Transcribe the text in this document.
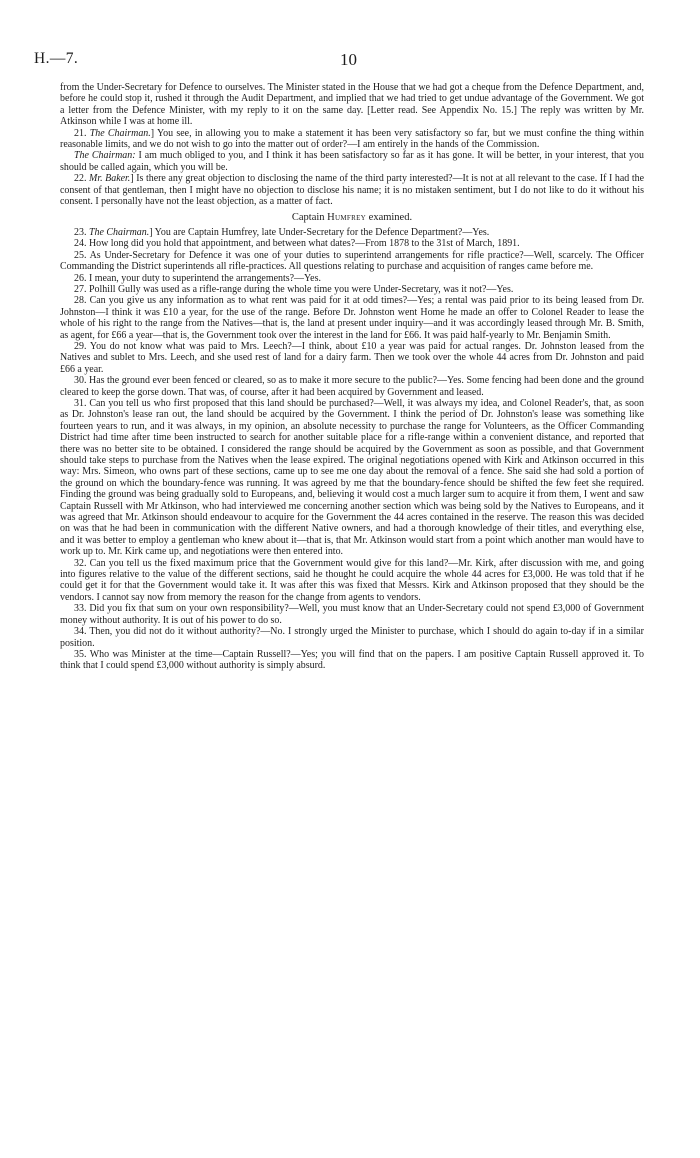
H.—7.	10

from the Under-Secretary for Defence to ourselves. The Minister stated in the House that we had got a cheque from the Defence Department, and, before he could stop it, rushed it through the Audit Department, and implied that we had tried to get undue advantage of the Government. We got a letter from the Defence Minister, with my reply to it on the same day. [Letter read. See Appendix No. 15.] The reply was written by Mr. Atkinson while I was at home ill.

21. The Chairman.] You see, in allowing you to make a statement it has been very satisfactory so far, but we must confine the thing within reasonable limits, and we do not wish to go into the matter out of order?—I am entirely in the hands of the Commission.

The Chairman: I am much obliged to you, and I think it has been satisfactory so far as it has gone. It will be better, in your interest, that you should be called again, which you will be.

22. Mr. Baker.] Is there any great objection to disclosing the name of the third party interested?—It is not at all relevant to the case. If I had the consent of that gentleman, then I might have no objection to disclose his name; it is no mistaken sentiment, but I do not like to do it without his consent. I personally have not the least objection, as a matter of fact.

Captain Humfrey examined.

23. The Chairman.] You are Captain Humfrey, late Under-Secretary for the Defence Department?—Yes.

24. How long did you hold that appointment, and between what dates?—From 1878 to the 31st of March, 1891.

25. As Under-Secretary for Defence it was one of your duties to superintend arrangements for rifle practice?—Well, scarcely. The Officer Commanding the District superintends all rifle-practices. All questions relating to purchase and acquisition of ranges came before me.

26. I mean, your duty to superintend the arrangements?—Yes.

27. Polhill Gully was used as a rifle-range during the whole time you were Under-Secretary, was it not?—Yes.

28. Can you give us any information as to what rent was paid for it at odd times?—Yes; a rental was paid prior to its being leased from Dr. Johnston—I think it was £10 a year, for the use of the range. Before Dr. Johnston went Home he made an offer to Colonel Reader to lease the whole of his right to the range from the Natives—that is, the land at present under inquiry—and it was accordingly leased through Mr. B. Smith, as agent, for £66 a year—that is, the Government took over the interest in the land for £66. It was paid half-yearly to Mr. Benjamin Smith.

29. You do not know what was paid to Mrs. Leech?—I think, about £10 a year was paid for actual ranges. Dr. Johnston leased from the Natives and sublet to Mrs. Leech, and she used rest of land for a dairy farm. Then we took over the whole 44 acres from Dr. Johnston and paid £66 a year.

30. Has the ground ever been fenced or cleared, so as to make it more secure to the public?—Yes. Some fencing had been done and the ground cleared to keep the gorse down. That was, of course, after it had been acquired by Government and leased.

31. Can you tell us who first proposed that this land should be purchased?—Well, it was always my idea, and Colonel Reader's, that, as soon as Dr. Johnston's lease ran out, the land should be acquired by the Government. I think the period of Dr. Johnston's lease was something like fourteen years to run, and it was always, in my opinion, an absolute necessity to purchase the range for Volunteers, as the Officer Commanding District had time after time been instructed to search for another suitable place for a rifle-range within a convenient distance, and reported that there was no better site to be obtained. I considered the range should be acquired by the Government as soon as possible, and that Government should take steps to purchase from the Natives when the lease expired. The original negotiations opened with Kirk and Atkinson occurred in this way: Mrs. Simeon, who owns part of these sections, came up to see me one day about the removal of a fence. She said she had sold a portion of the ground on which the boundary-fence was running. It was agreed by me that the boundary-fence should be shifted the few feet she required. Finding the ground was being gradually sold to Europeans, and, believing it would cost a much larger sum to acquire it from them, I went and saw Captain Russell with Mr Atkinson, who had interviewed me concerning another section which was being sold by the Natives to Europeans, and it was agreed that Mr. Atkinson should endeavour to acquire for the Government the 44 acres contained in the reserve. The reason this was decided on was that he had been in communication with the different Native owners, and had a thorough knowledge of their titles, and everything else, and it was better to employ a gentleman who knew about it—that is, that Mr. Atkinson would start from a point which another man would have to work up to. Mr. Kirk came up, and negotiations were then entered into.

32. Can you tell us the fixed maximum price that the Government would give for this land?—Mr. Kirk, after discussion with me, and going into figures relative to the value of the different sections, said he thought he could acquire the whole 44 acres for £3,000. He was told that if he could get it for that the Government would take it. It was after this was fixed that Messrs. Kirk and Atkinson proposed that they should be the vendors. I cannot say now from memory the reason for the change from agents to vendors.

33. Did you fix that sum on your own responsibility?—Well, you must know that an Under-Secretary could not spend £3,000 of Government money without authority. It is out of his power to do so.

34. Then, you did not do it without authority?—No. I strongly urged the Minister to purchase, which I should do again to-day if in a similar position.

35. Who was Minister at the time—Captain Russell?—Yes; you will find that on the papers. I am positive Captain Russell approved it. To think that I could spend £3,000 without authority is simply absurd.
